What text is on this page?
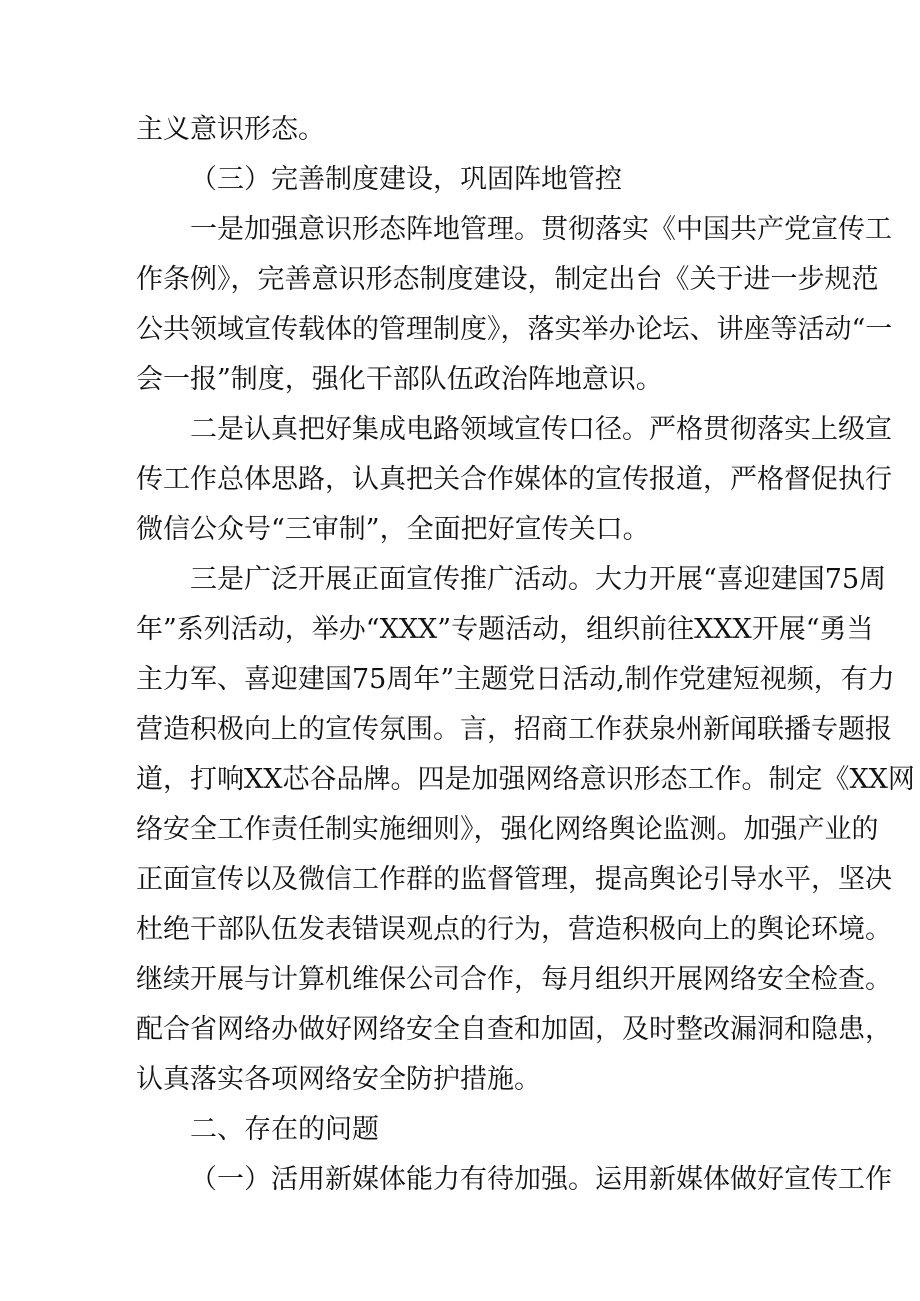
主义意识形态。
（三）完善制度建设，巩固阵地管控
一是加强意识形态阵地管理。贯彻落实《中国共产党宣传工
作条例》，完善意识形态制度建设，制定出台《关于进一步规范
公共领域宣传载体的管理制度》，落实举办论坛、讲座等活动“一
会一报”制度，强化干部队伍政治阵地意识。
二是认真把好集成电路领域宣传口径。严格贯彻落实上级宣
传工作总体思路，认真把关合作媒体的宣传报道，严格督促执行
微信公众号“三审制”，全面把好宣传关口。
三是广泛开展正面宣传推广活动。大力开展“喜迎建国75周
年”系列活动，举办“XXX”专题活动，组织前往XXX开展“勇当
主力军、喜迎建国75周年”主题党日活动,制作党建短视频，有力
营造积极向上的宣传氛围。言，招商工作获泉州新闻联播专题报
道，打响XX芯谷品牌。四是加强网络意识形态工作。制定《XX网
络安全工作责任制实施细则》，强化网络舆论监测。加强产业的
正面宣传以及微信工作群的监督管理，提高舆论引导水平，坚决
杜绝干部队伍发表错误观点的行为，营造积极向上的舆论环境。
继续开展与计算机维保公司合作，每月组织开展网络安全检查。
配合省网络办做好网络安全自查和加固，及时整改漏洞和隐患，
认真落实各项网络安全防护措施。
二、存在的问题
（一）活用新媒体能力有待加强。运用新媒体做好宣传工作
